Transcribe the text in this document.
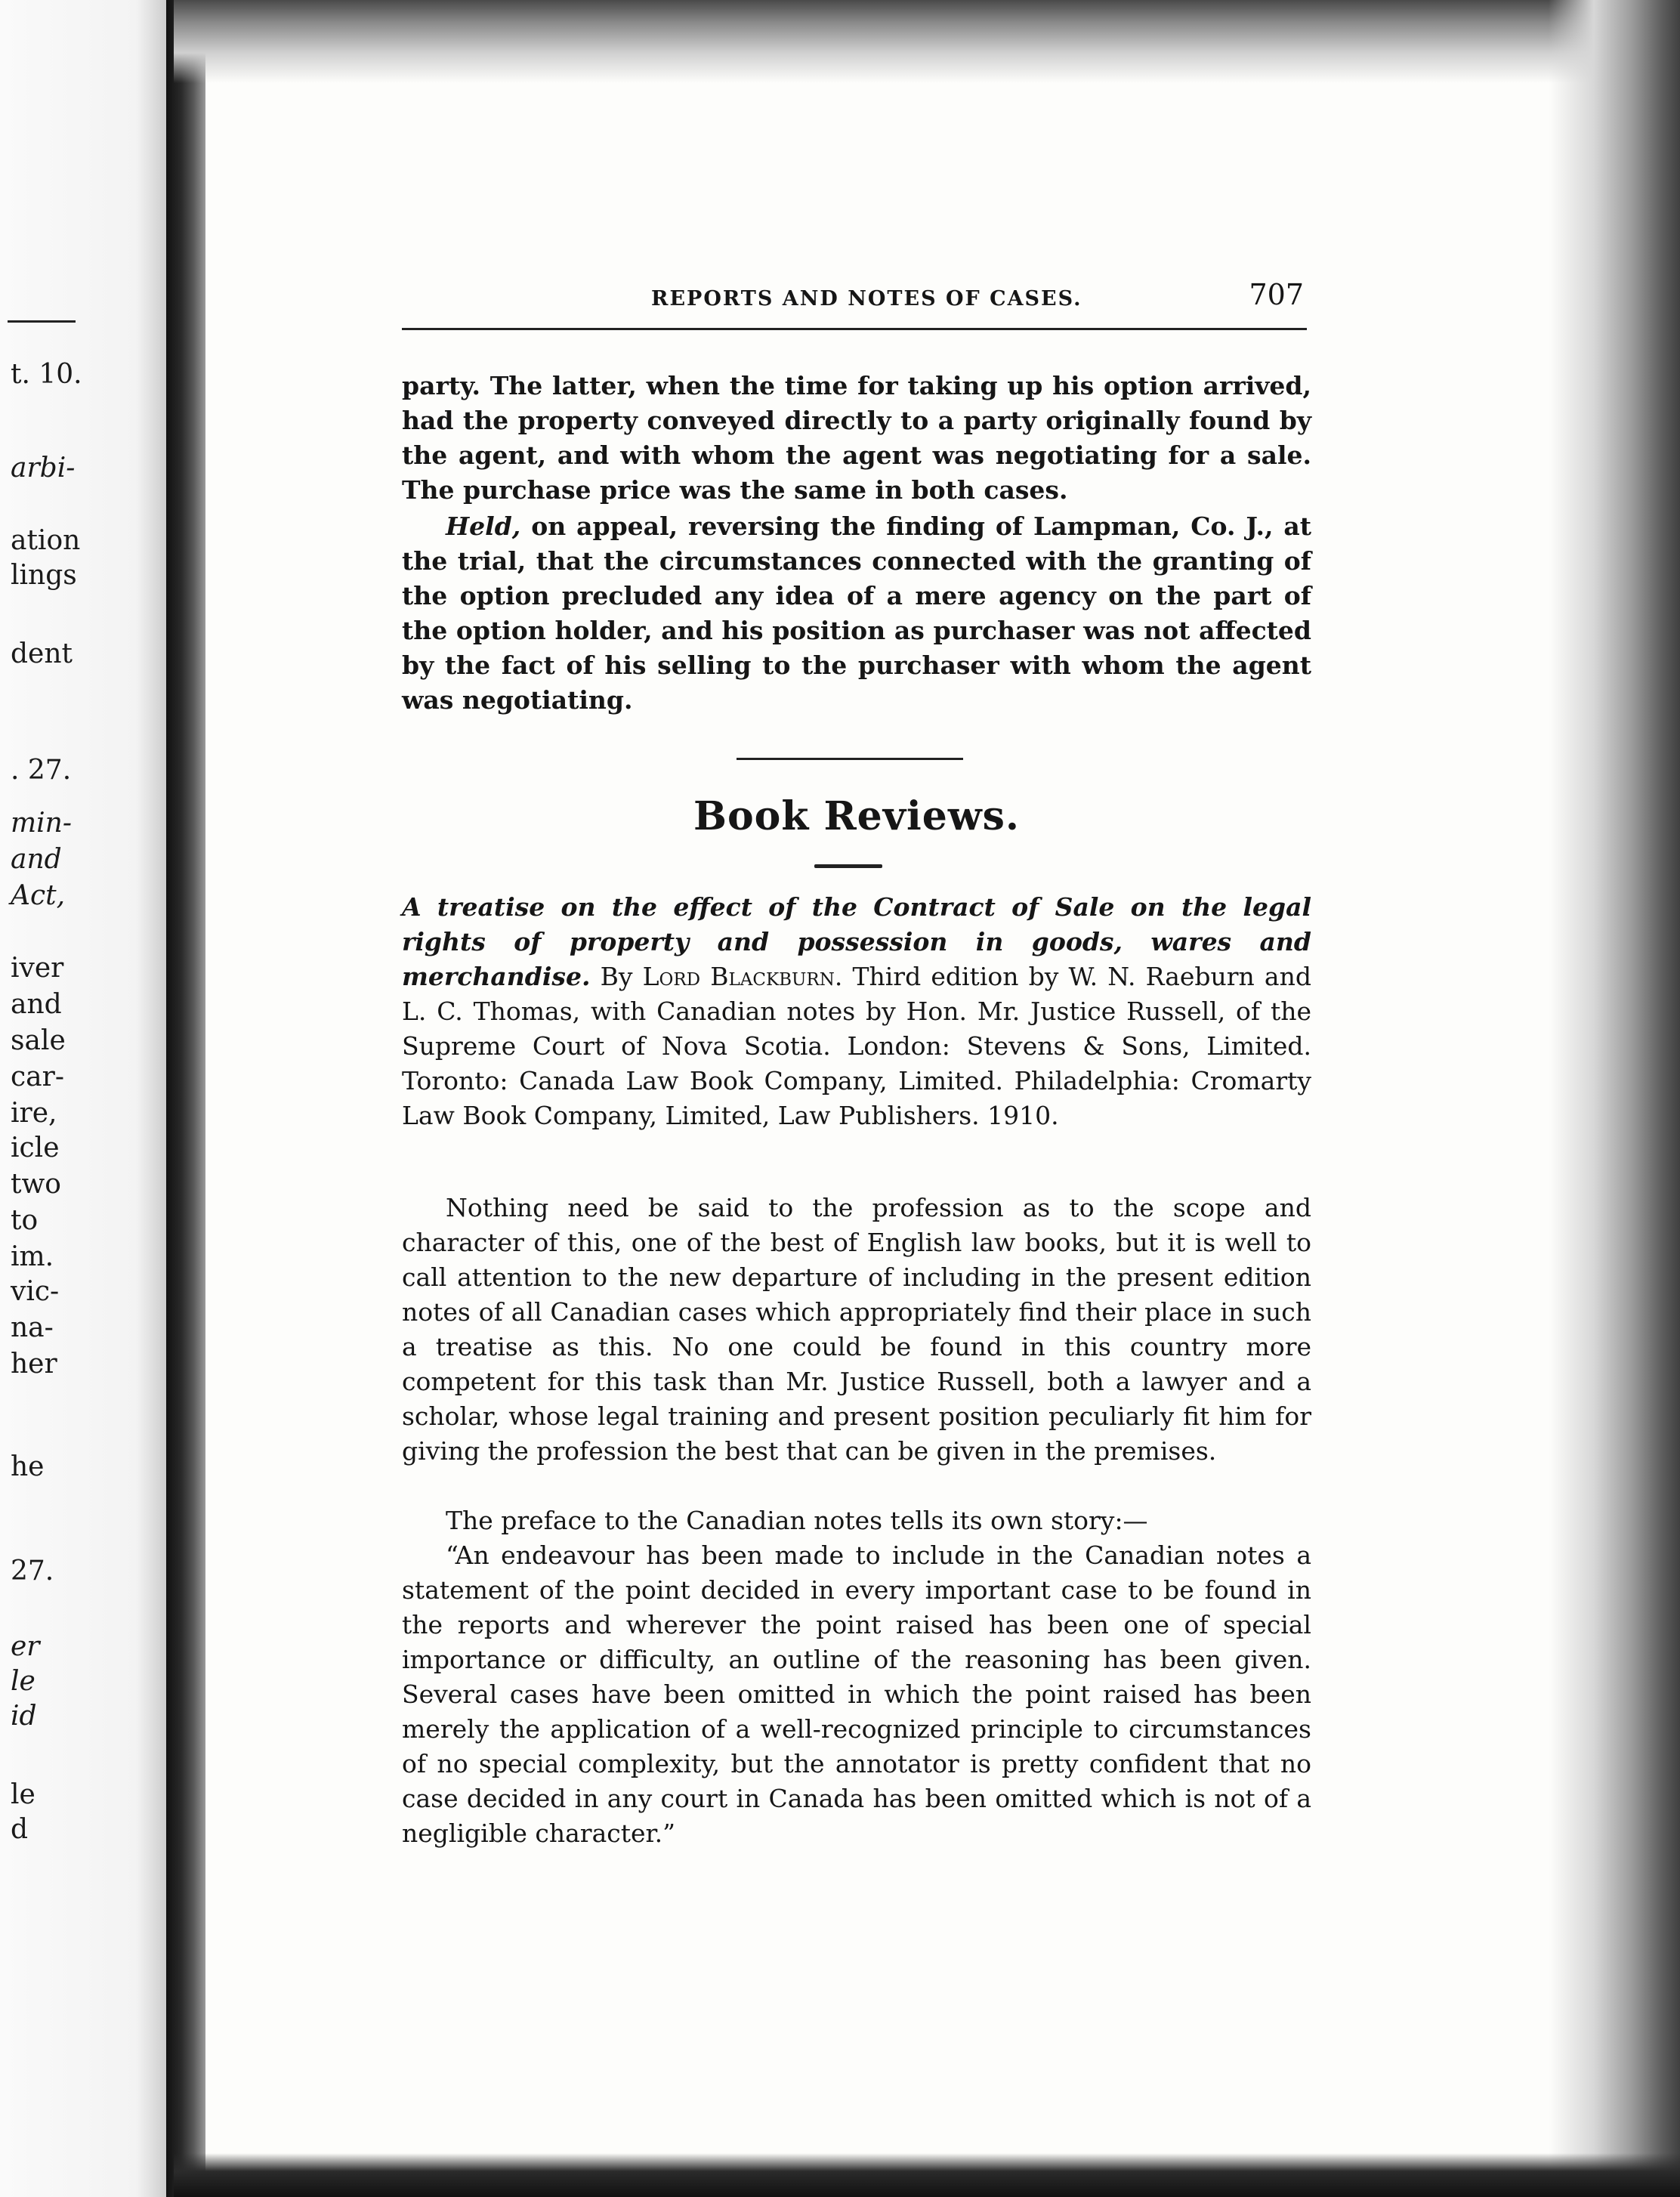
t. 10.
arbi-
ation
lings
dent
. 27.
min-
and
Act,
iver
and
sale
car-
ire,
icle
two
to
im.
vic-
na-
her
he
27.
er
le
id
le
d
REPORTS AND NOTES OF CASES.	707

party. The latter, when the time for taking up his option arrived, had the property conveyed directly to a party originally found by the agent, and with whom the agent was negotiating for a sale. The purchase price was the same in both cases.

Held, on appeal, reversing the finding of Lampman, Co. J., at the trial, that the circumstances connected with the granting of the option precluded any idea of a mere agency on the part of the option holder, and his position as purchaser was not affected by the fact of his selling to the purchaser with whom the agent was negotiating.

Book Reviews.

A treatise on the effect of the Contract of Sale on the legal rights of property and possession in goods, wares and merchandise. By Lord Blackburn. Third edition by W. N. Raeburn and L. C. Thomas, with Canadian notes by Hon. Mr. Justice Russell, of the Supreme Court of Nova Scotia. London: Stevens & Sons, Limited. Toronto: Canada Law Book Company, Limited. Philadelphia: Cromarty Law Book Company, Limited, Law Publishers. 1910.

Nothing need be said to the profession as to the scope and character of this, one of the best of English law books, but it is well to call attention to the new departure of including in the present edition notes of all Canadian cases which appropriately find their place in such a treatise as this. No one could be found in this country more competent for this task than Mr. Justice Russell, both a lawyer and a scholar, whose legal training and present position peculiarly fit him for giving the profession the best that can be given in the premises.

The preface to the Canadian notes tells its own story:—

“An endeavour has been made to include in the Canadian notes a statement of the point decided in every important case to be found in the reports and wherever the point raised has been one of special importance or difficulty, an outline of the reasoning has been given. Several cases have been omitted in which the point raised has been merely the application of a well-recognized principle to circumstances of no special complexity, but the annotator is pretty confident that no case decided in any court in Canada has been omitted which is not of a negligible character.”
